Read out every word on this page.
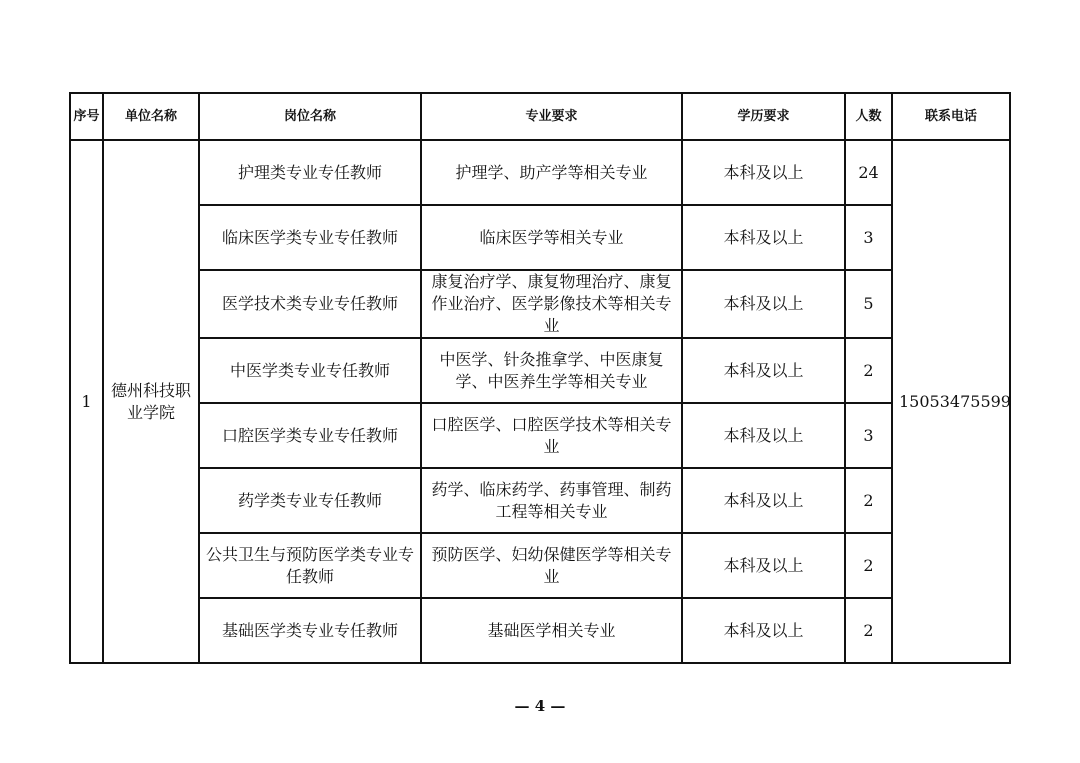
序号	单位名称	岗位名称	专业要求	学历要求	人数	联系电话
1	德州科技职业学院	护理类专业专任教师	护理学、助产学等相关专业	本科及以上	24	15053475599
		临床医学类专业专任教师	临床医学等相关专业	本科及以上	3	
		医学技术类专业专任教师	康复治疗学、康复物理治疗、康复作业治疗、医学影像技术等相关专业	本科及以上	5	
		中医学类专业专任教师	中医学、针灸推拿学、中医康复学、中医养生学等相关专业	本科及以上	2	
		口腔医学类专业专任教师	口腔医学、口腔医学技术等相关专业	本科及以上	3	
		药学类专业专任教师	药学、临床药学、药事管理、制药工程等相关专业	本科及以上	2	
		公共卫生与预防医学类专业专任教师	预防医学、妇幼保健医学等相关专业	本科及以上	2	
		基础医学类专业专任教师	基础医学相关专业	本科及以上	2	
— 4 —
